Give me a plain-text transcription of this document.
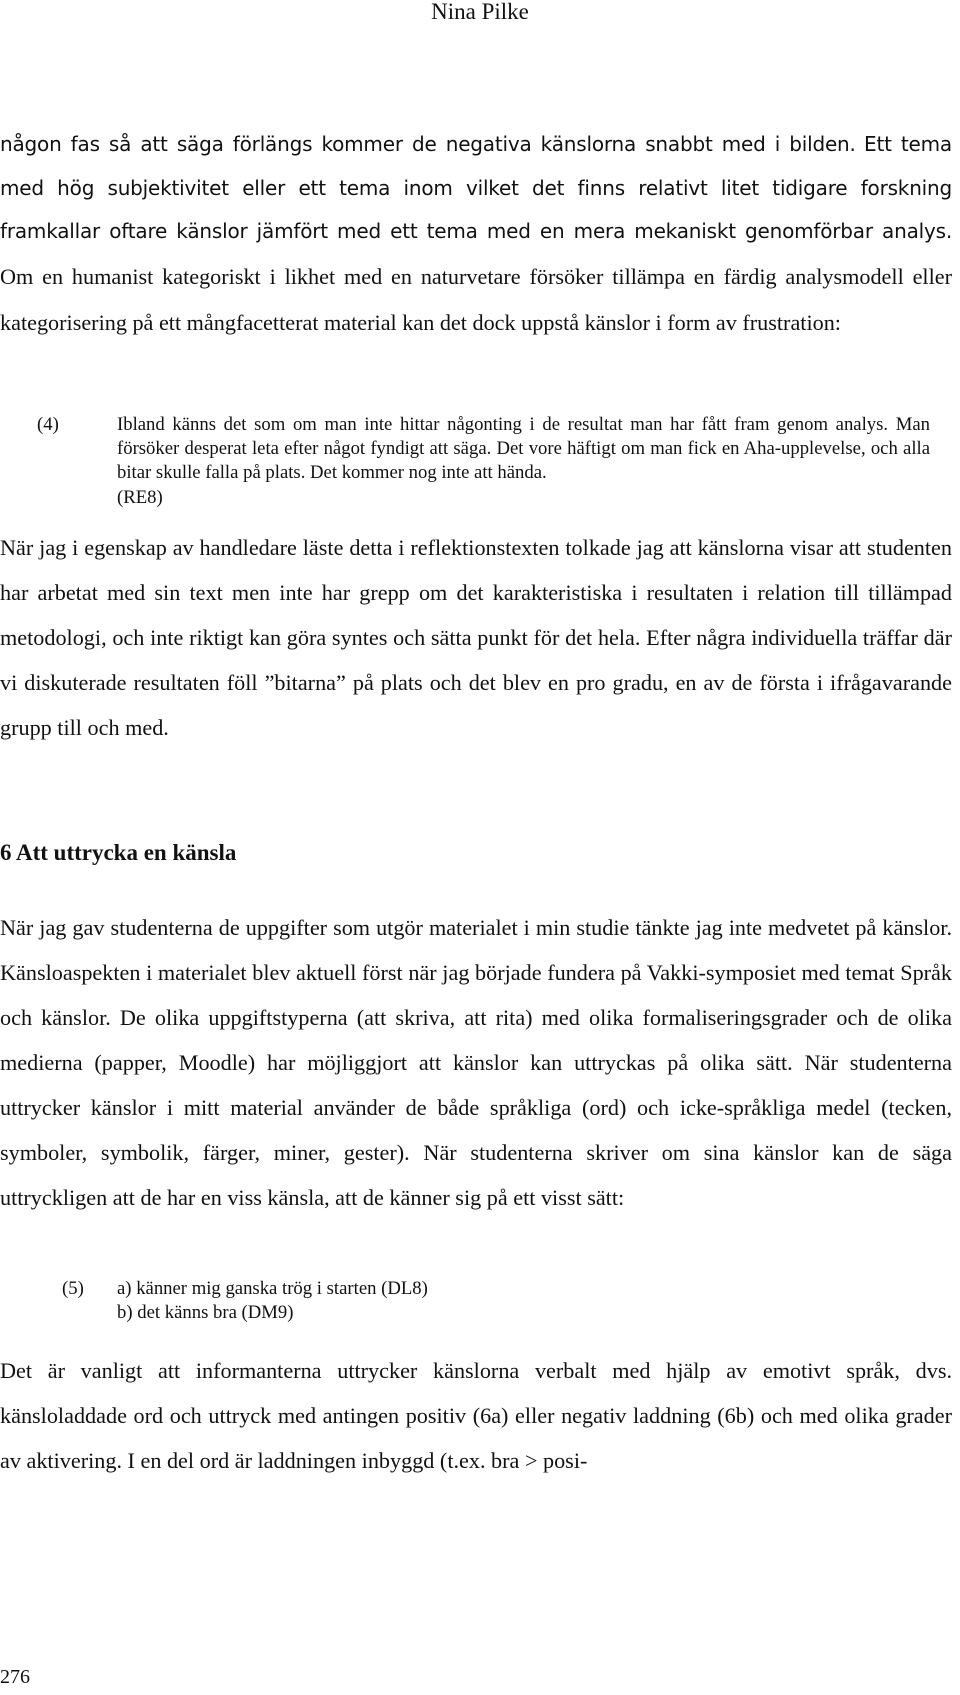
Nina Pilke

någon fas så att säga förlängs kommer de negativa känslorna snabbt med i bilden. Ett tema med hög subjektivitet eller ett tema inom vilket det finns relativt litet tidigare forskning framkallar oftare känslor jämfört med ett tema med en mera mekaniskt genomförbar analys. Om en humanist kategoriskt i likhet med en naturvetare försöker tillämpa en färdig analysmodell eller kategorisering på ett mångfacetterat material kan det dock uppstå känslor i form av frustration:

(4)	Ibland känns det som om man inte hittar någonting i de resultat man har fått fram genom analys. Man försöker desperat leta efter något fyndigt att säga. Det vore häftigt om man fick en Aha-upplevelse, och alla bitar skulle falla på plats. Det kommer nog inte att hända.
(RE8)

När jag i egenskap av handledare läste detta i reflektionstexten tolkade jag att känslorna visar att studenten har arbetat med sin text men inte har grepp om det karakteristiska i resultaten i relation till tillämpad metodologi, och inte riktigt kan göra syntes och sätta punkt för det hela. Efter några individuella träffar där vi diskuterade resultaten föll ”bitarna” på plats och det blev en pro gradu, en av de första i ifrågavarande grupp till och med.

6 Att uttrycka en känsla

När jag gav studenterna de uppgifter som utgör materialet i min studie tänkte jag inte medvetet på känslor. Känsloaspekten i materialet blev aktuell först när jag började fundera på Vakki-symposiet med temat Språk och känslor. De olika uppgiftstyperna (att skriva, att rita) med olika formaliseringsgrader och de olika medierna (papper, Moodle) har möjliggjort att känslor kan uttryckas på olika sätt. När studenterna uttrycker känslor i mitt material använder de både språkliga (ord) och icke-språkliga medel (tecken, symboler, symbolik, färger, miner, gester). När studenterna skriver om sina känslor kan de säga uttryckligen att de har en viss känsla, att de känner sig på ett visst sätt:

(5)	a) känner mig ganska trög i starten (DL8)
b) det känns bra (DM9)

Det är vanligt att informanterna uttrycker känslorna verbalt med hjälp av emotivt språk, dvs. känsloladdade ord och uttryck med antingen positiv (6a) eller negativ laddning (6b) och med olika grader av aktivering. I en del ord är laddningen inbyggd (t.ex. bra > posi-

276
